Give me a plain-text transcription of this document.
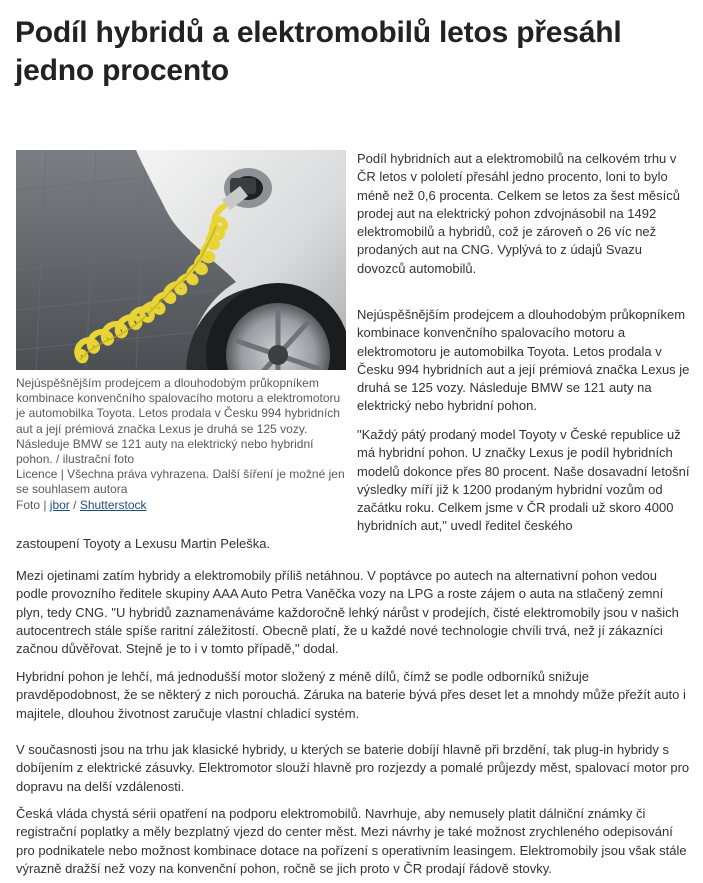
Podíl hybridů a elektromobilů letos přesáhl jedno procento
Nejúspěšnějším prodejcem a dlouhodobým průkopníkem kombinace konvenčního spalovacího motoru a elektromotoru je automobilka Toyota. Letos prodala v Česku 994 hybridních aut a její prémiová značka Lexus je druhá se 125 vozy. Následuje BMW se 121 auty na elektrický nebo hybridní pohon. / ilustrační foto
Licence | Všechna práva vyhrazena. Další šíření je možné jen se souhlasem autora
Foto | jbor / Shutterstock

Podíl hybridních aut a elektromobilů na celkovém trhu v ČR letos v pololetí přesáhl jedno procento, loni to bylo méně než 0,6 procenta. Celkem se letos za šest měsíců prodej aut na elektrický pohon zdvojnásobil na 1492 elektromobilů a hybridů, což je zároveň o 26 víc než prodaných aut na CNG. Vyplývá to z údajů Svazu dovozců automobilů.

Nejúspěšnějším prodejcem a dlouhodobým průkopníkem kombinace konvenčního spalovacího motoru a elektromotoru je automobilka Toyota. Letos prodala v Česku 994 hybridních aut a její prémiová značka Lexus je druhá se 125 vozy. Následuje BMW se 121 auty na elektrický nebo hybridní pohon.

"Každý pátý prodaný model Toyoty v České republice už má hybridní pohon. U značky Lexus je podíl hybridních modelů dokonce přes 80 procent. Naše dosavadní letošní výsledky míří již k 1200 prodaným hybridní vozům od začátku roku. Celkem jsme v ČR prodali už skoro 4000 hybridních aut," uvedl ředitel českého

zastoupení Toyoty a Lexusu Martin Peleška.

Mezi ojetinami zatím hybridy a elektromobily příliš netáhnou. V poptávce po autech na alternativní pohon vedou podle provozního ředitele skupiny AAA Auto Petra Vaněčka vozy na LPG a roste zájem o auta na stlačený zemní plyn, tedy CNG. "U hybridů zaznamenáváme každoročně lehký nárůst v prodejích, čisté elektromobily jsou v našich autocentrech stále spíše raritní záležitostí. Obecně platí, že u každé nové technologie chvíli trvá, než jí zákazníci začnou důvěřovat. Stejně je to i v tomto případě," dodal.

Hybridní pohon je lehčí, má jednodušší motor složený z méně dílů, čímž se podle odborníků snižuje pravděpodobnost, že se některý z nich porouchá. Záruka na baterie bývá přes deset let a mnohdy může přežít auto i majitele, dlouhou životnost zaručuje vlastní chladicí systém.

V současnosti jsou na trhu jak klasické hybridy, u kterých se baterie dobíjí hlavně při brzdění, tak plug-in hybridy s dobíjením z elektrické zásuvky. Elektromotor slouží hlavně pro rozjezdy a pomalé průjezdy měst, spalovací motor pro dopravu na delší vzdálenosti.

Česká vláda chystá sérii opatření na podporu elektromobilů. Navrhuje, aby nemusely platit dálniční známky či registrační poplatky a měly bezplatný vjezd do center měst. Mezi návrhy je také možnost zrychleného odepisování pro podnikatele nebo možnost kombinace dotace na pořízení s operativním leasingem. Elektromobily jsou však stále výrazně dražší než vozy na konvenční pohon, ročně se jich proto v ČR prodají řádově stovky.
